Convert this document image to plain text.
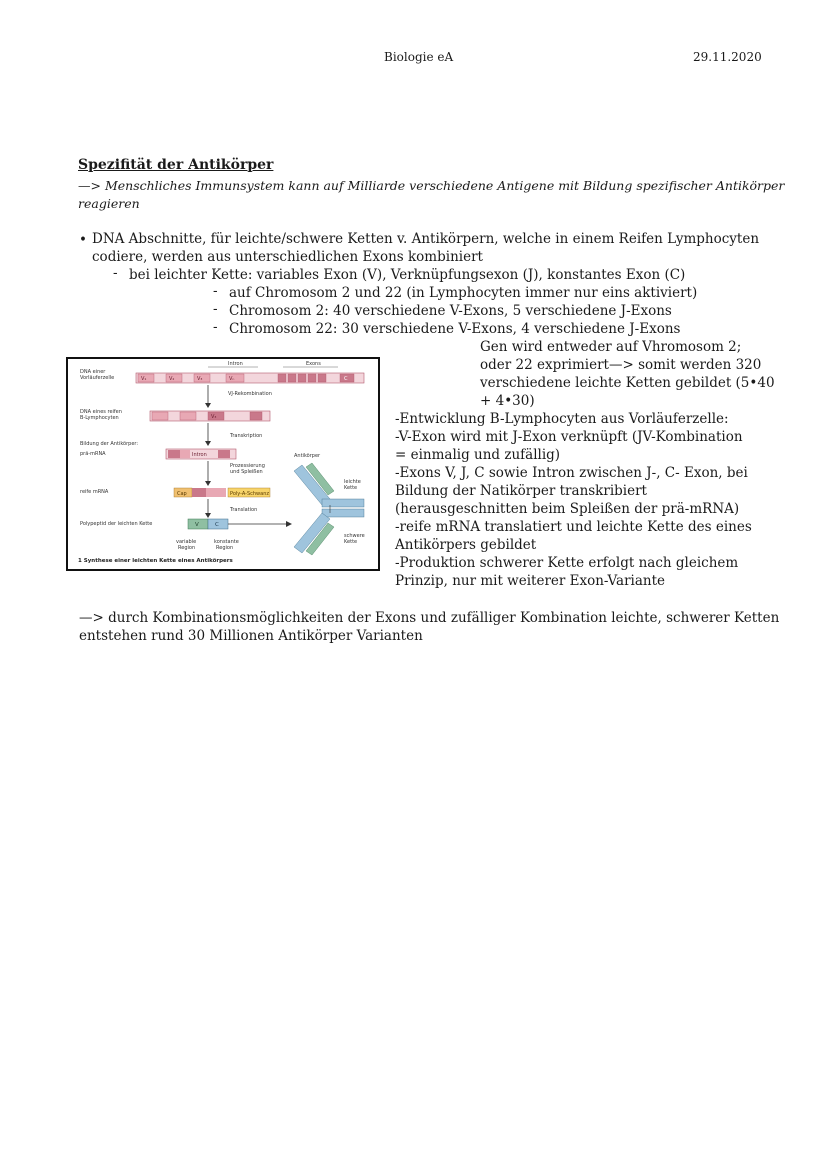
Biologie eA	29.11.2020
Spezifität der Antikörper
—> Menschliches Immunsystem kann auf Milliarde verschiedene Antigene mit Bildung spezifischer Antikörper
reagieren
• DNA Abschnitte, für leichte/schwere Ketten v. Antikörpern, welche in einem Reifen Lymphocyten
codiere, werden aus unterschiedlichen Exons kombiniert
- bei leichter Kette: variables Exon (V), Verknüpfungsexon (J), konstantes Exon (C)
- auf Chromosom 2 und 22 (in Lymphocyten immer nur eins aktiviert)
- Chromosom 2: 40 verschiedene V-Exons, 5 verschiedene J-Exons
- Chromosom 22: 30 verschiedene V-Exons, 4 verschiedene J-Exons
Gen wird entweder auf Vhromosom 2;
oder 22 exprimiert—> somit werden 320
verschiedene leichte Ketten gebildet (5•40
+ 4•30)
-Entwicklung B-Lymphocyten aus Vorläuferzelle:
-V-Exon wird mit J-Exon verknüpft (JV-Kombination
= einmalig und zufällig)
-Exons V, J, C sowie Intron zwischen J-, C- Exon, bei
Bildung der Natikörper transkribiert
(herausgeschnitten beim Spleißen der prä-mRNA)
-reife mRNA translatiert und leichte Kette des eines
Antikörpers gebildet
-Produktion schwerer Kette erfolgt nach gleichem
Prinzip, nur mit weiterer Exon-Variante
—> durch Kombinationsmöglichkeiten der Exons und zufälliger Kombination leichte, schwerer Ketten
entstehen rund 30 Millionen Antikörper Varianten
DNA einer
Vorläuferzelle
DNA eines reifen
B-Lymphocyten
Bildung der Antikörper:
prä-mRNA
reife mRNA
Polypeptid der leichten Kette
Intron	Exons
V₁	V₂	V₃	Vₙ	C
VJ-Rekombination
V₃
Transkription
Intron
Prozessierung
und Spleißen
Cap	Poly-A-Schwanz
Translation
V	C
variable
Region
konstante
Region
Antikörper
leichte
Kette
schwere
Kette
1 Synthese einer leichten Kette eines Antikörpers
